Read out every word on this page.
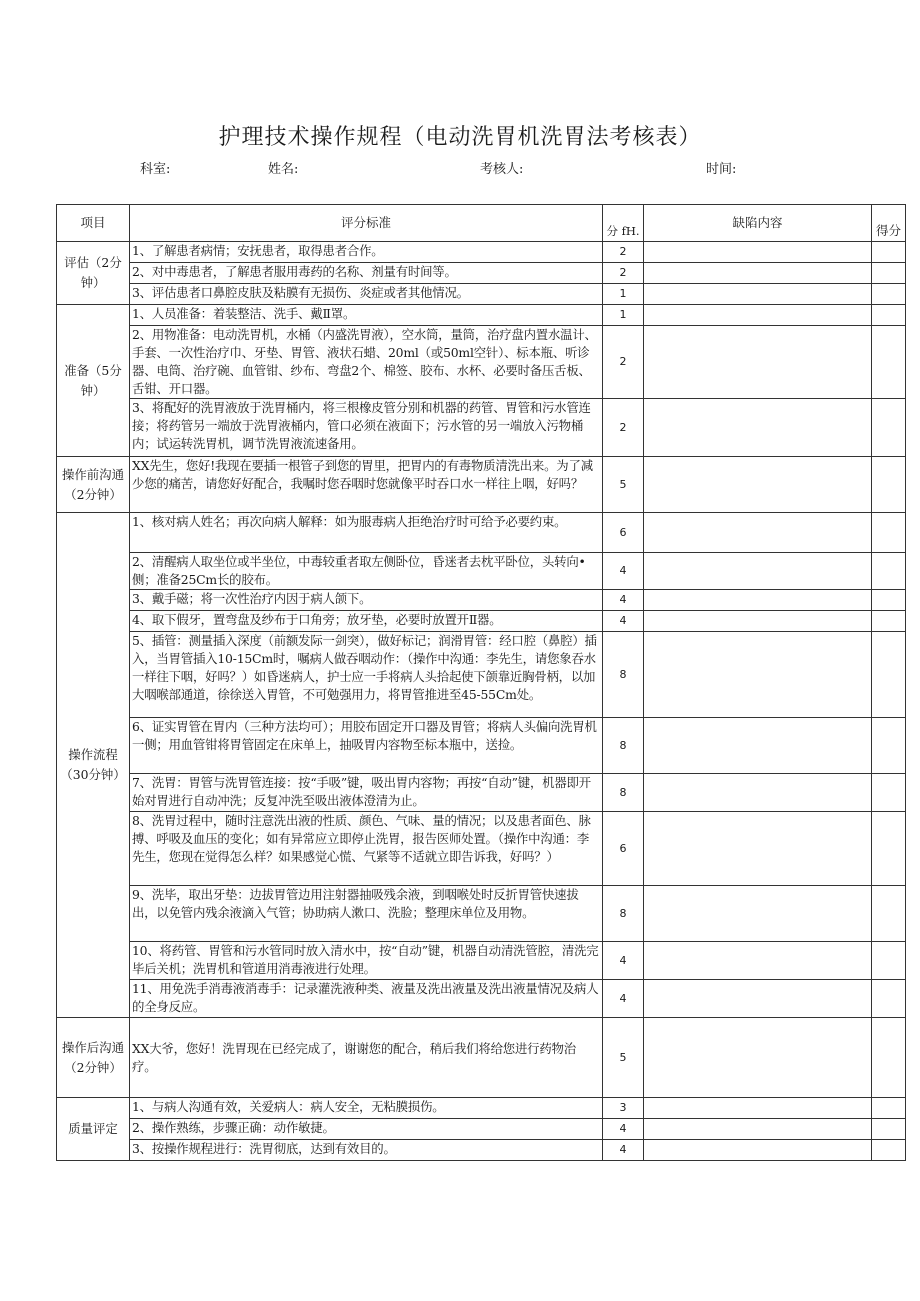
护理技术操作规程（电动洗胃机洗胃法考核表）
科室:	姓名:	考核人:	时间:
项目	评分标准	分 fH.	缺陷内容	得分
评估（2分钟）	1、了解患者病情；安抚患者，取得患者合作。	2		
	2、对中毒患者，了解患者服用毒药的名称、剂量有时间等。	2		
	3、评估患者口鼻腔皮肤及粘膜有无损伤、炎症或者其他情况。	1		
准备（5分钟）	1、人员准备：着装整洁、洗手、戴Ⅱ罩。	1		
	2、用物准备：电动洗胃机，水桶（内盛洗胃液），空水筒，量筒，治疗盘内置水温计、手套、一次性治疗巾、牙垫、胃管、液状石蜡、20ml（或50ml空针）、标本瓶、听诊器、电筒、治疗碗、血管钳、纱布、弯盘2个、棉签、胶布、水杯、必要时备压舌板、舌钳、开口器。	2		
	3、将配好的洗胃液放于洗胃桶内，将三根橡皮管分别和机器的药管、胃管和污水管连接；将药管另一端放于洗胃液桶内，管口必须在液面下；污水管的另一端放入污物桶内；试运转洗胃机，调节洗胃液流速备用。	2		
操作前沟通（2分钟）	XX先生，您好!我现在要插一根管子到您的胃里，把胃内的有毒物质清洗出来。为了减少您的痛苦，请您好好配合，我嘱时您吞咽时您就像平时吞口水一样往上咽，好吗？	5		
操作流程（30分钟）	1、核对病人姓名；再次向病人解释：如为服毒病人拒绝治疗时可给予必要约束。	6		
	2、清醒病人取坐位或半坐位，中毒较重者取左侧卧位，昏迷者去枕平卧位，头转向•侧；准备25Cm长的胶布。	4		
	3、戴手磁；将一次性治疗内因于病人颌下。	4		
	4、取下假牙，置弯盘及纱布于口角旁；放牙垫，必要时放置开Ⅱ器。	4		
	5、插管：测量插入深度（前额发际一剑突），做好标记；润滑胃管：经口腔（鼻腔）插入，当胃管插入10-15Cm时，嘱病人做吞咽动作：（操作中沟通：李先生，请您象吞水一样往下咽，好吗？）如昏迷病人，护士应一手将病人头拾起使下颌靠近胸骨柄，以加大咽喉部通道，徐徐送入胃管，不可勉强用力，将胃管推进至45-55Cm处。	8		
	6、证实胃管在胃内（三种方法均可）；用胶布固定开口器及胃管；将病人头偏向洗胃机一侧；用血管钳将胃管固定在床单上，抽吸胃内容物至标本瓶中，送捡。	8		
	7、洗胃：胃管与洗胃管连接：按“手吸”键，吸出胃内容物；再按“自动”键，机器即开始对胃进行自动冲洗；反复冲洗至吸出液体澄清为止。	8		
	8、洗胃过程中，随时注意洗出液的性质、颜色、气味、量的情况；以及患者面色、脉搏、呼吸及血压的变化；如有异常应立即停止洗胃，报告医师处置。（操作中沟通：李先生，您现在觉得怎么样？如果感觉心慌、气紧等不适就立即告诉我，好吗？）	6		
	9、洗毕，取出牙垫：边拔胃管边用注射器抽吸残余液，到咽喉处时反折胃管快速拔出，以免管内残余液滴入气管；协助病人漱口、洗脸；整理床单位及用物。	8		
	10、将药管、胃管和污水管同时放入清水中，按“自动”键，机器自动清洗管腔，清洗完毕后关机；洗胃机和管道用消毒液进行处理。	4		
	11、用免洗手消毒液消毒手：记录灌洗液种类、液量及洗出液量及洗出液量情况及病人的全身反应。	4		
操作后沟通（2分钟）	XX大爷，您好！洗胃现在已经完成了，谢谢您的配合，稍后我们将给您进行药物治疗。	5		
质量评定	1、与病人沟通有效，关爱病人：病人安全，无粘膜损伤。	3		
	2、操作熟练，步骤正确：动作敏捷。	4		
	3、按操作规程进行：洗胃彻底，达到有效目的。	4		
